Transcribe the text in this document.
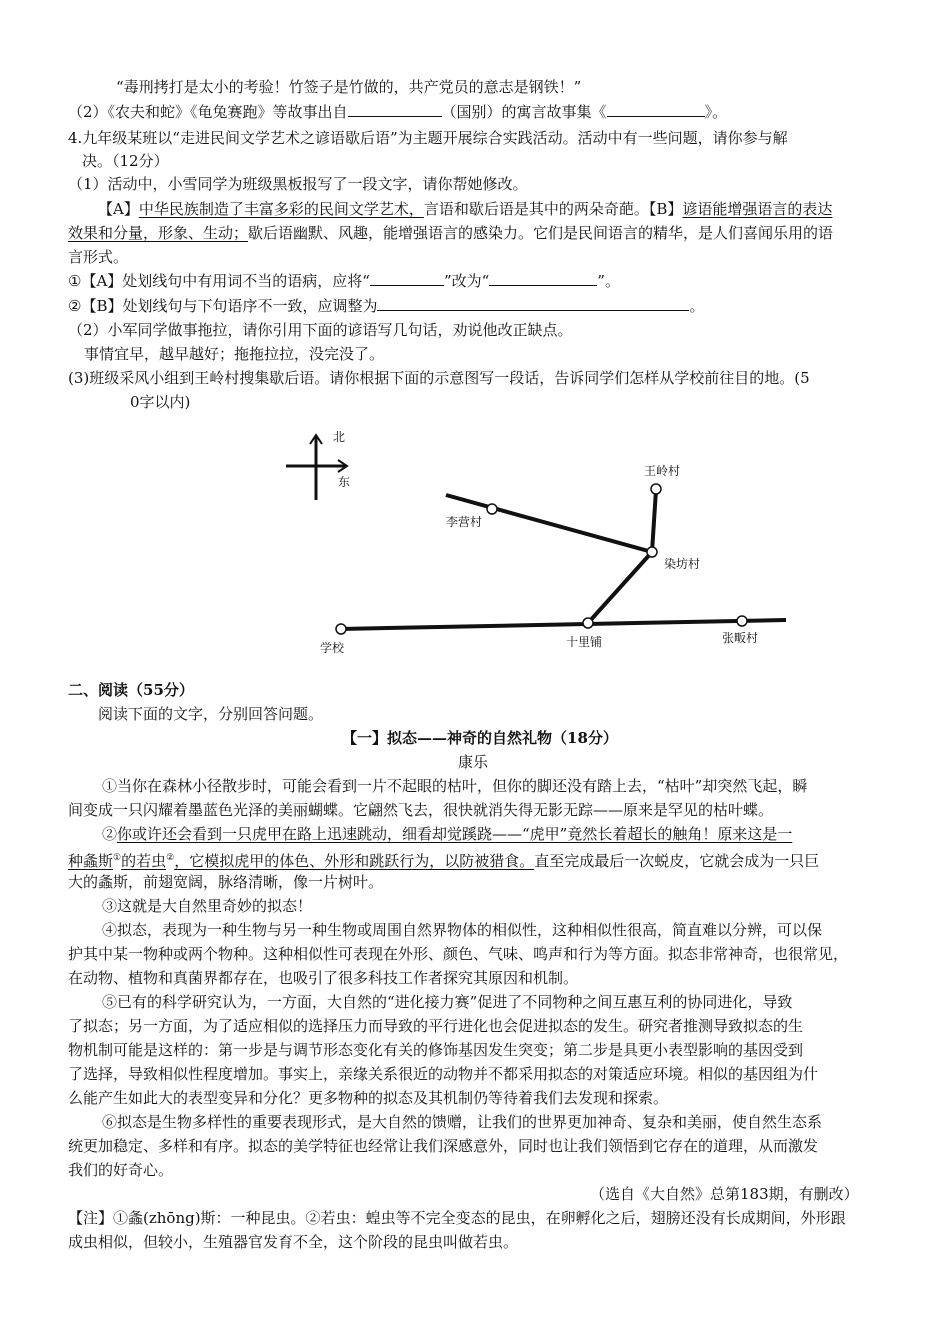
“毒刑拷打是太小的考验！竹签子是竹做的，共产党员的意志是钢铁！”
（2）《农夫和蛇》《龟兔赛跑》等故事出自	（国别）的寓言故事集《	》。
4.九年级某班以“走进民间文学艺术之谚语歇后语”为主题开展综合实践活动。活动中有一些问题，请你参与解
决。（12分）
（1）活动中，小雪同学为班级黑板报写了一段文字，请你帮她修改。
【A】中华民族制造了丰富多彩的民间文学艺术，言语和歇后语是其中的两朵奇葩。【B】谚语能增强语言的表达
效果和分量，形象、生动；歇后语幽默、风趣，能增强语言的感染力。它们是民间语言的精华，是人们喜闻乐用的语
言形式。
①【A】处划线句中有用词不当的语病，应将“	”改为“	”。
②【B】处划线句与下句语序不一致，应调整为	。
（2）小军同学做事拖拉，请你引用下面的谚语写几句话，劝说他改正缺点。
事情宜早，越早越好；拖拖拉拉，没完没了。
(3)班级采风小组到王岭村搜集歇后语。请你根据下面的示意图写一段话，告诉同学们怎样从学校前往目的地。(5
0字以内)
北
东
王岭村
李营村
染坊村
学校	十里铺	张畈村
二、阅读（55分）
阅读下面的文字，分别回答问题。
【一】拟态——神奇的自然礼物（18分）
康乐
①当你在森林小径散步时，可能会看到一片不起眼的枯叶，但你的脚还没有踏上去，“枯叶”却突然飞起，瞬
间变成一只闪耀着墨蓝色光泽的美丽蝴蝶。它翩然飞去，很快就消失得无影无踪——原来是罕见的枯叶蝶。
②你或许还会看到一只虎甲在路上迅速跳动，细看却觉蹊跷——“虎甲”竟然长着超长的触角！原来这是一
种螽斯①的若虫②，它模拟虎甲的体色、外形和跳跃行为，以防被猎食。直至完成最后一次蜕皮，它就会成为一只巨
大的螽斯，前翅宽阔，脉络清晰，像一片树叶。
③这就是大自然里奇妙的拟态！
④拟态，表现为一种生物与另一种生物或周围自然界物体的相似性，这种相似性很高，简直难以分辨，可以保
护其中某一物种或两个物种。这种相似性可表现在外形、颜色、气味、鸣声和行为等方面。拟态非常神奇，也很常见，
在动物、植物和真菌界都存在，也吸引了很多科技工作者探究其原因和机制。
⑤已有的科学研究认为，一方面，大自然的“进化接力赛”促进了不同物种之间互惠互利的协同进化，导致
了拟态；另一方面，为了适应相似的选择压力而导致的平行进化也会促进拟态的发生。研究者推测导致拟态的生
物机制可能是这样的：第一步是与调节形态变化有关的修饰基因发生突变；第二步是具更小表型影响的基因受到
了选择，导致相似性程度增加。事实上，亲缘关系很近的动物并不都采用拟态的对策适应环境。相似的基因组为什
么能产生如此大的表型变异和分化？更多物种的拟态及其机制仍等待着我们去发现和探索。
⑥拟态是生物多样性的重要表现形式，是大自然的馈赠，让我们的世界更加神奇、复杂和美丽，使自然生态系
统更加稳定、多样和有序。拟态的美学特征也经常让我们深感意外，同时也让我们领悟到它存在的道理，从而激发
我们的好奇心。
（选自《大自然》总第183期，有删改）
【注】①螽(zhōng)斯：一种昆虫。②若虫：蝗虫等不完全变态的昆虫，在卵孵化之后，翅膀还没有长成期间，外形跟
成虫相似，但较小，生殖器官发育不全，这个阶段的昆虫叫做若虫。
